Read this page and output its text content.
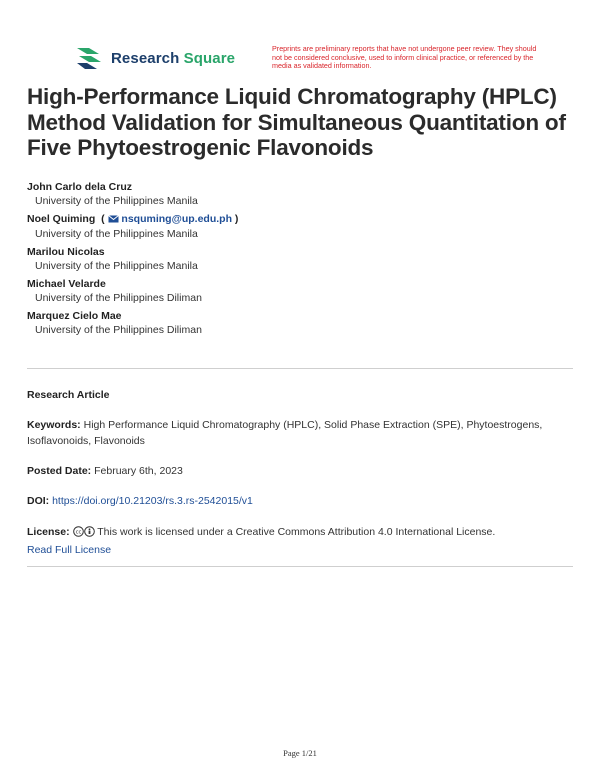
Research Square
Preprints are preliminary reports that have not undergone peer review. They should not be considered conclusive, used to inform clinical practice, or referenced by the media as validated information.
High-Performance Liquid Chromatography (HPLC) Method Validation for Simultaneous Quantitation of Five Phytoestrogenic Flavonoids
John Carlo dela Cruz
University of the Philippines Manila
Noel Quiming  (  nsquming@up.edu.ph )
University of the Philippines Manila
Marilou Nicolas
University of the Philippines Manila
Michael Velarde
University of the Philippines Diliman
Marquez Cielo Mae
University of the Philippines Diliman
Research Article
Keywords: High Performance Liquid Chromatography (HPLC), Solid Phase Extraction (SPE), Phytoestrogens, Isoflavonoids, Flavonoids
Posted Date: February 6th, 2023
DOI: https://doi.org/10.21203/rs.3.rs-2542015/v1
License: cc This work is licensed under a Creative Commons Attribution 4.0 International License.
Read Full License
Page 1/21
